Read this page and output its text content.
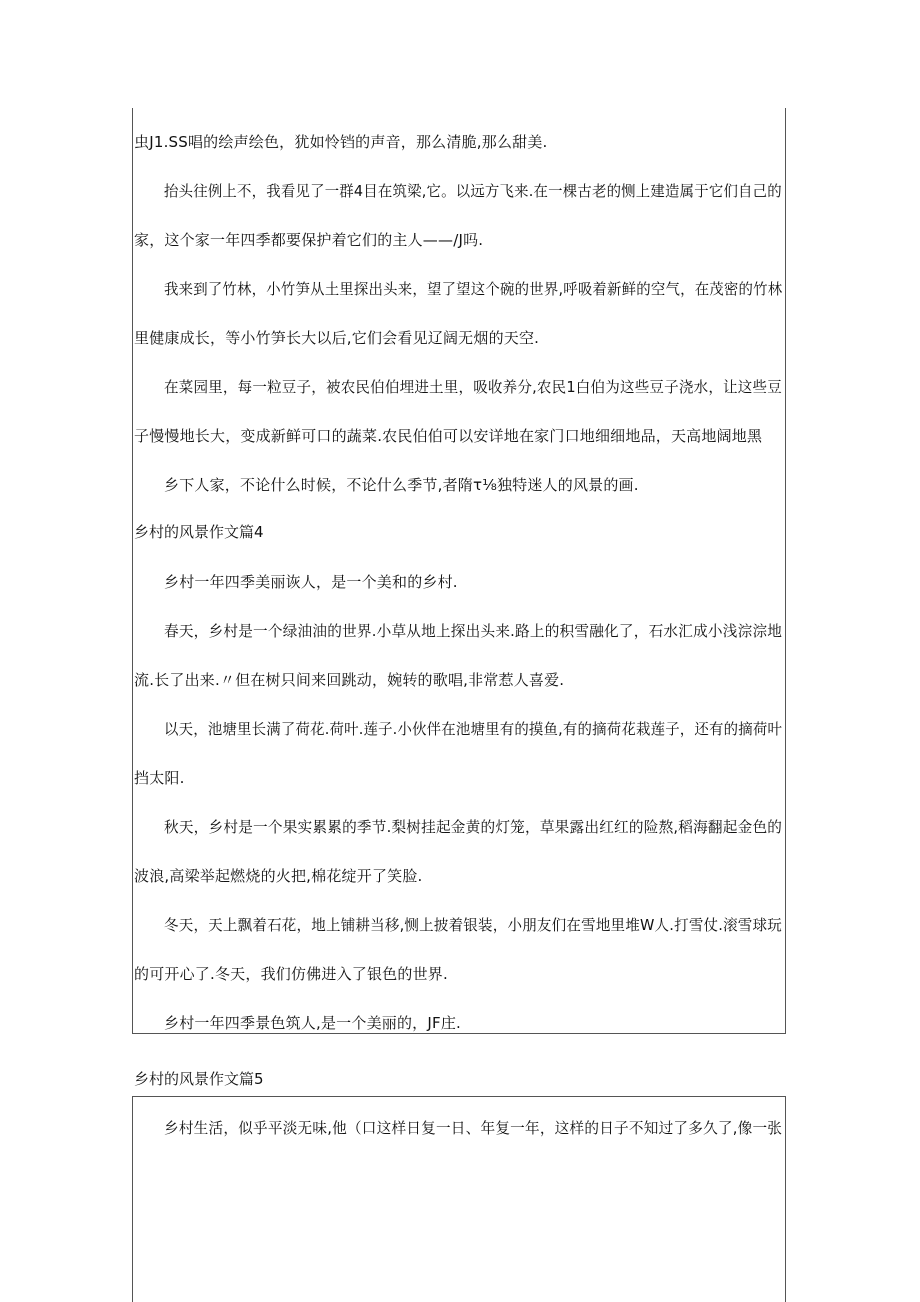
虫J1.SS唱的绘声绘色，犹如怜铛的声音，那么清脆,那么甜美.
抬头往例上不，我看见了一群4目在筑梁,它。以远方飞来.在一棵古老的恻上建造属于它们自己的
家，这个家一年四季都要保护着它们的主人——/J吗.
我来到了竹林，小竹笋从土里探出头来，望了望这个碗的世界,呼吸着新鲜的空气，在茂密的竹林
里健康成长，等小竹笋长大以后,它们会看见辽阔无烟的天空.
在菜园里，每一粒豆子，被农民伯伯埋进土里，吸收养分,农民1白伯为这些豆子浇水，让这些豆
子慢慢地长大，变成新鲜可口的蔬菜.农民伯伯可以安详地在家门口地细细地品，天高地阔地黑
乡下人家，不论什么时候，不论什么季节,者隋τ⅛独特迷人的风景的画.
乡村的风景作文篇4
乡村一年四季美丽诙人，是一个美和的乡村.
春天，乡村是一个绿油油的世界.小草从地上探出头来.路上的积雪融化了，石水汇成小浅淙淙地
流.长了出来.〃但在树只间来回跳动，婉转的歌唱,非常惹人喜爱.
以天，池塘里长满了荷花.荷叶.莲子.小伙伴在池塘里有的摸鱼,有的摘荷花栽莲子，还有的摘荷叶
挡太阳.
秋天，乡村是一个果实累累的季节.梨树挂起金黄的灯笼，草果露出红红的险熬,稻海翻起金色的
波浪,高梁举起燃烧的火把,棉花绽开了笑脸.
冬天，天上飘着石花，地上铺耕当移,恻上披着银装，小朋友们在雪地里堆W人.打雪仗.滚雪球玩
的可开心了.冬天，我们仿佛进入了银色的世界.
乡村一年四季景色筑人,是一个美丽的，JF庄.
乡村的风景作文篇5
乡村生活，似乎平淡无味,他（口这样日复一日、年复一年，这样的日子不知过了多久了,像一张
